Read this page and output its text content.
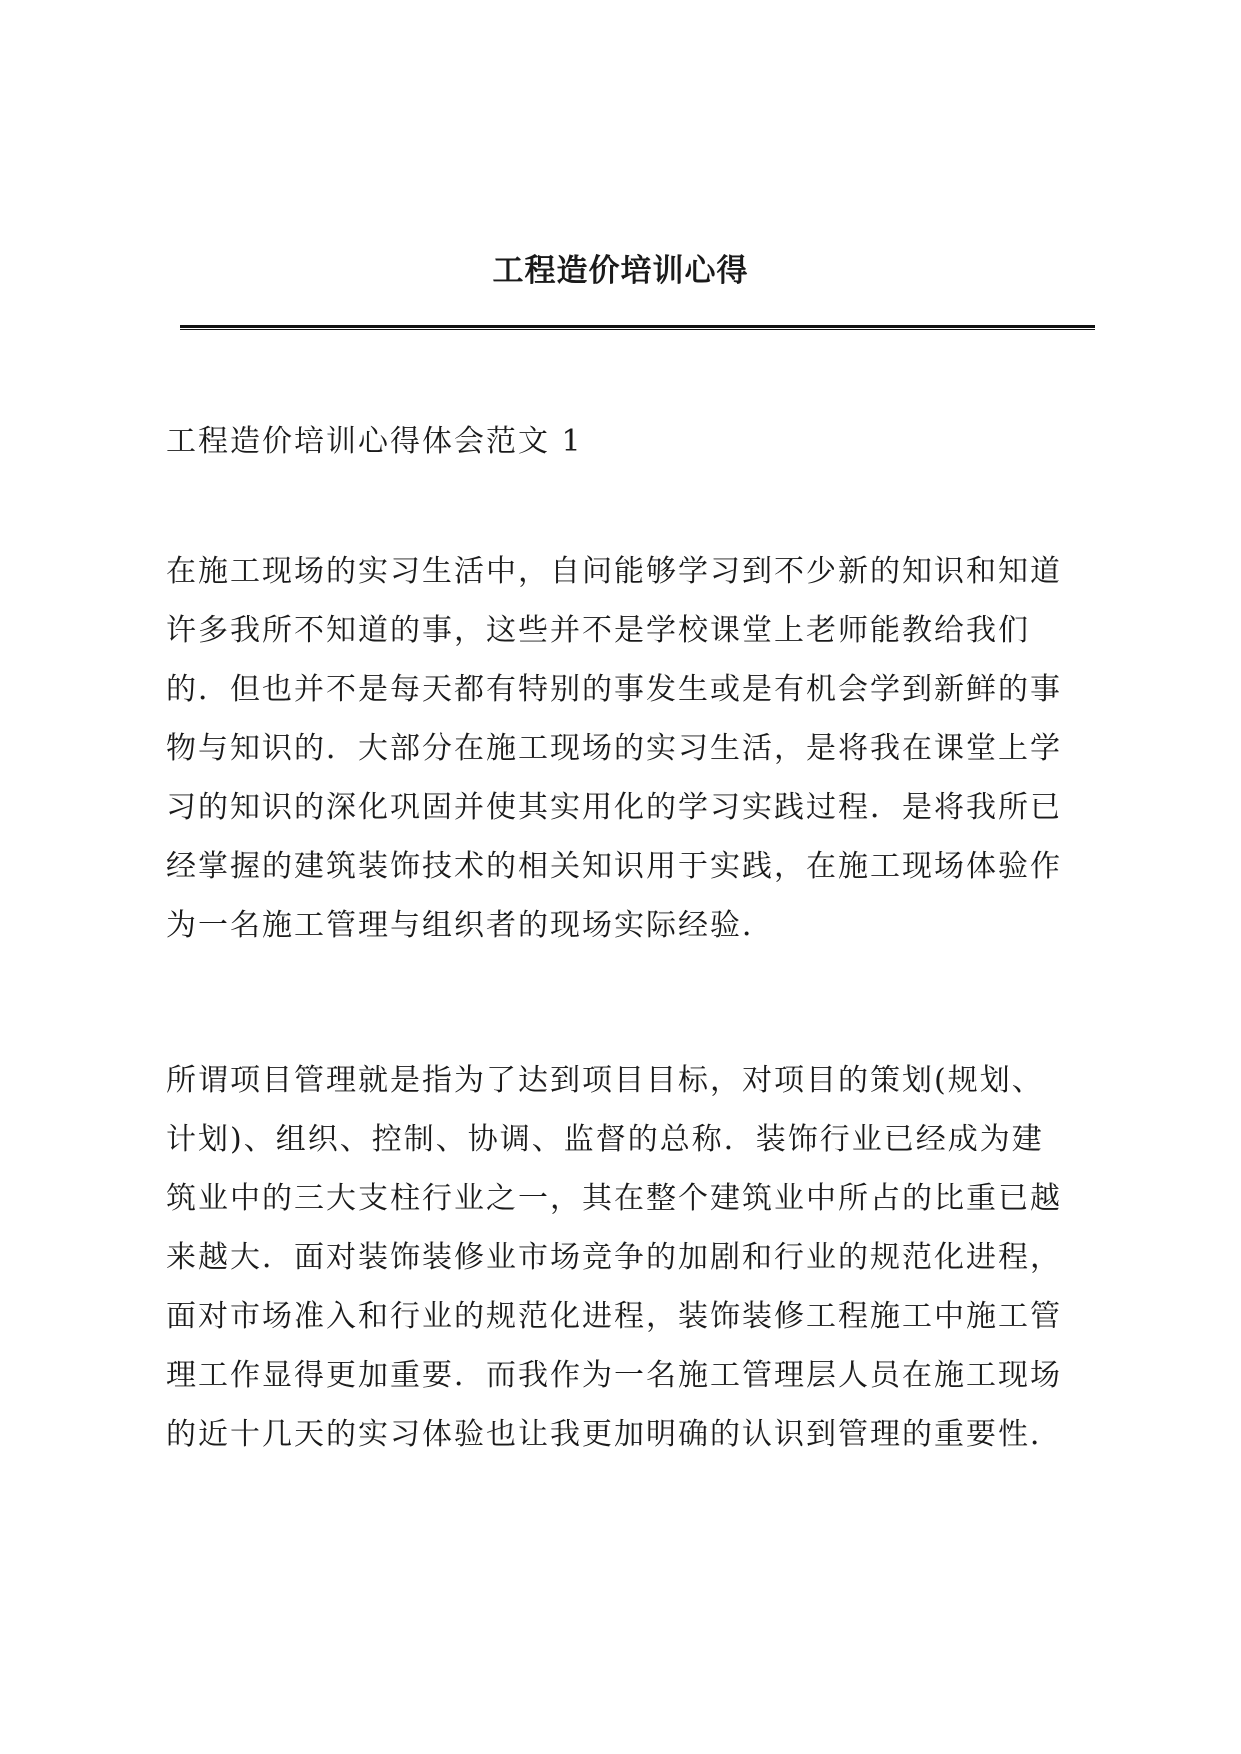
工程造价培训心得

工程造价培训心得体会范文 1

在施工现场的实习生活中，自问能够学习到不少新的知识和知道
许多我所不知道的事，这些并不是学校课堂上老师能教给我们
的．但也并不是每天都有特别的事发生或是有机会学到新鲜的事
物与知识的．大部分在施工现场的实习生活，是将我在课堂上学
习的知识的深化巩固并使其实用化的学习实践过程．是将我所已
经掌握的建筑装饰技术的相关知识用于实践，在施工现场体验作
为一名施工管理与组织者的现场实际经验．

所谓项目管理就是指为了达到项目目标，对项目的策划(规划、
计划)、组织、控制、协调、监督的总称．装饰行业已经成为建
筑业中的三大支柱行业之一，其在整个建筑业中所占的比重已越
来越大．面对装饰装修业市场竞争的加剧和行业的规范化进程，
面对市场准入和行业的规范化进程，装饰装修工程施工中施工管
理工作显得更加重要．而我作为一名施工管理层人员在施工现场
的近十几天的实习体验也让我更加明确的认识到管理的重要性．
